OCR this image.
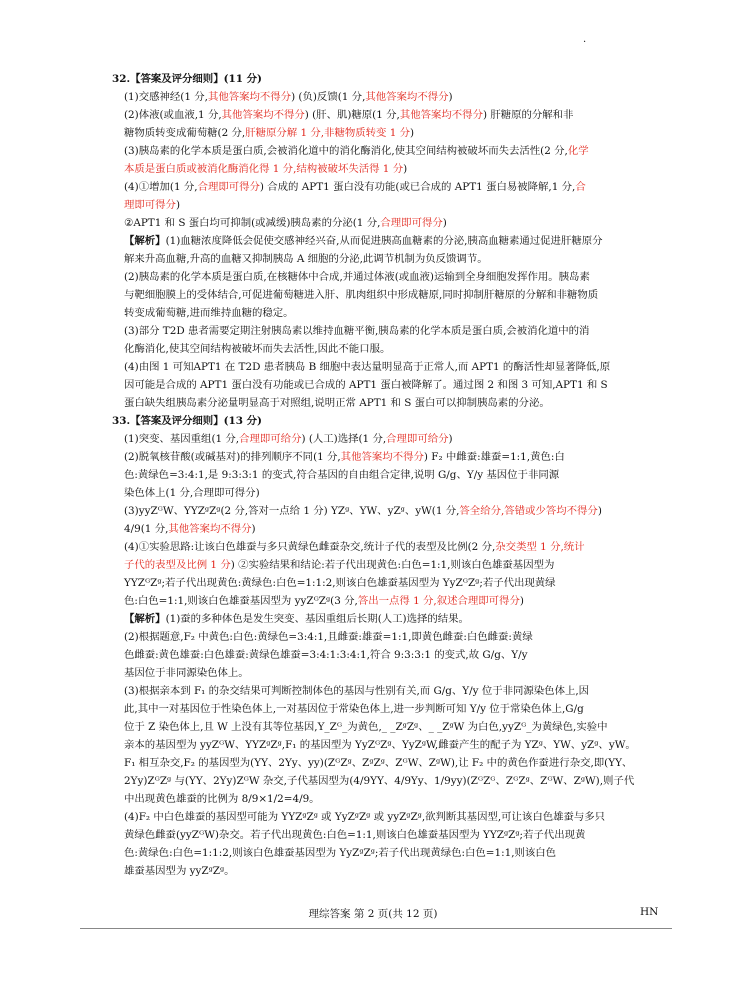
.

32.【答案及评分细则】(11 分)

(1)交感神经(1 分,其他答案均不得分) (负)反馈(1 分,其他答案均不得分)

(2)体液(或血液,1 分,其他答案均不得分) (肝、肌)糖原(1 分,其他答案均不得分) 肝糖原的分解和非

糖物质转变成葡萄糖(2 分,肝糖原分解 1 分,非糖物质转变 1 分)

(3)胰岛素的化学本质是蛋白质,会被消化道中的消化酶消化,使其空间结构被破坏而失去活性(2 分,化学

本质是蛋白质或被消化酶消化得 1 分,结构被破坏失活得 1 分)

(4)①增加(1 分,合理即可得分) 合成的 APT1 蛋白没有功能(或已合成的 APT1 蛋白易被降解,1 分,合

理即可得分)

②APT1 和 S 蛋白均可抑制(或减缓)胰岛素的分泌(1 分,合理即可得分)

【解析】(1)血糖浓度降低会促使交感神经兴奋,从而促进胰高血糖素的分泌,胰高血糖素通过促进肝糖原分

解来升高血糖,升高的血糖又抑制胰岛 A 细胞的分泌,此调节机制为负反馈调节。

(2)胰岛素的化学本质是蛋白质,在核糖体中合成,并通过体液(或血液)运输到全身细胞发挥作用。胰岛素

与靶细胞膜上的受体结合,可促进葡萄糖进入肝、肌肉组织中形成糖原,同时抑制肝糖原的分解和非糖物质

转变成葡萄糖,进而维持血糖的稳定。

(3)部分 T2D 患者需要定期注射胰岛素以维持血糖平衡,胰岛素的化学本质是蛋白质,会被消化道中的消

化酶消化,使其空间结构被破坏而失去活性,因此不能口服。

(4)由图 1 可知APT1 在 T2D 患者胰岛 B 细胞中表达量明显高于正常人,而 APT1 的酶活性却显著降低,原

因可能是合成的 APT1 蛋白没有功能或已合成的 APT1 蛋白被降解了。通过图 2 和图 3 可知,APT1 和 S

蛋白缺失组胰岛素分泌量明显高于对照组,说明正常 APT1 和 S 蛋白可以抑制胰岛素的分泌。

33.【答案及评分细则】(13 分)

(1)突变、基因重组(1 分,合理即可给分) (人工)选择(1 分,合理即可给分)

(2)脱氧核苷酸(或碱基对)的排列顺序不同(1 分,其他答案均不得分) F₂ 中雌蚕:雄蚕=1:1,黄色:白

色:黄绿色=3:4:1,是 9:3:3:1 的变式,符合基因的自由组合定律,说明 G/g、Y/y 基因位于非同源

染色体上(1 分,合理即可得分)

(3)yyZᴳW、YYZᵍZᵍ(2 分,答对一点给 1 分) YZᵍ、YW、yZᵍ、yW(1 分,答全给分,答错或少答均不得分)

4/9(1 分,其他答案均不得分)

(4)①实验思路:让该白色雄蚕与多只黄绿色雌蚕杂交,统计子代的表型及比例(2 分,杂交类型 1 分,统计

子代的表型及比例 1 分) ②实验结果和结论:若子代出现黄色:白色=1:1,则该白色雄蚕基因型为

YYZᴳZᵍ;若子代出现黄色:黄绿色:白色=1:1:2,则该白色雄蚕基因型为 YyZᴳZᵍ;若子代出现黄绿

色:白色=1:1,则该白色雄蚕基因型为 yyZᴳZᵍ(3 分,答出一点得 1 分,叙述合理即可得分)

【解析】(1)蚕的多种体色是发生突变、基因重组后长期(人工)选择的结果。

(2)根据题意,F₂ 中黄色:白色:黄绿色=3:4:1,且雌蚕:雄蚕=1:1,即黄色雌蚕:白色雌蚕:黄绿

色雌蚕:黄色雄蚕:白色雄蚕:黄绿色雄蚕=3:4:1:3:4:1,符合 9:3:3:1 的变式,故 G/g、Y/y

基因位于非同源染色体上。

(3)根据亲本到 F₁ 的杂交结果可判断控制体色的基因与性别有关,而 G/g、Y/y 位于非同源染色体上,因

此,其中一对基因位于性染色体上,一对基因位于常染色体上,进一步判断可知 Y/y 位于常染色体上,G/g

位于 Z 染色体上,且 W 上没有其等位基因,Y_Zᴳ_为黄色,_ _ZᵍZᵍ、_ _ZᵍW 为白色,yyZᴳ_为黄绿色,实验中

亲本的基因型为 yyZᴳW、YYZᵍZᵍ,F₁ 的基因型为 YyZᴳZᵍ、YyZᵍW,雌蚕产生的配子为 YZᵍ、YW、yZᵍ、yW。

F₁ 相互杂交,F₂ 的基因型为(YY、2Yy、yy)(ZᴳZᵍ、ZᵍZᵍ、ZᴳW、ZᵍW),让 F₂ 中的黄色作蚕进行杂交,即(YY、

2Yy)ZᴳZᵍ 与(YY、2Yy)ZᴳW 杂交,子代基因型为(4/9YY、4/9Yy、1/9yy)(ZᴳZᴳ、ZᴳZᵍ、ZᴳW、ZᵍW),则子代

中出现黄色雄蚕的比例为 8/9×1/2=4/9。

(4)F₂ 中白色雄蚕的基因型可能为 YYZᵍZᵍ 或 YyZᵍZᵍ 或 yyZᵍZᵍ,欲判断其基因型,可让该白色雄蚕与多只

黄绿色雌蚕(yyZᴳW)杂交。若子代出现黄色:白色=1:1,则该白色雄蚕基因型为 YYZᵍZᵍ;若子代出现黄

色:黄绿色:白色=1:1:2,则该白色雄蚕基因型为 YyZᵍZᵍ;若子代出现黄绿色:白色=1:1,则该白色

雄蚕基因型为 yyZᵍZᵍ。

理综答案 第 2 页(共 12 页)	HN
